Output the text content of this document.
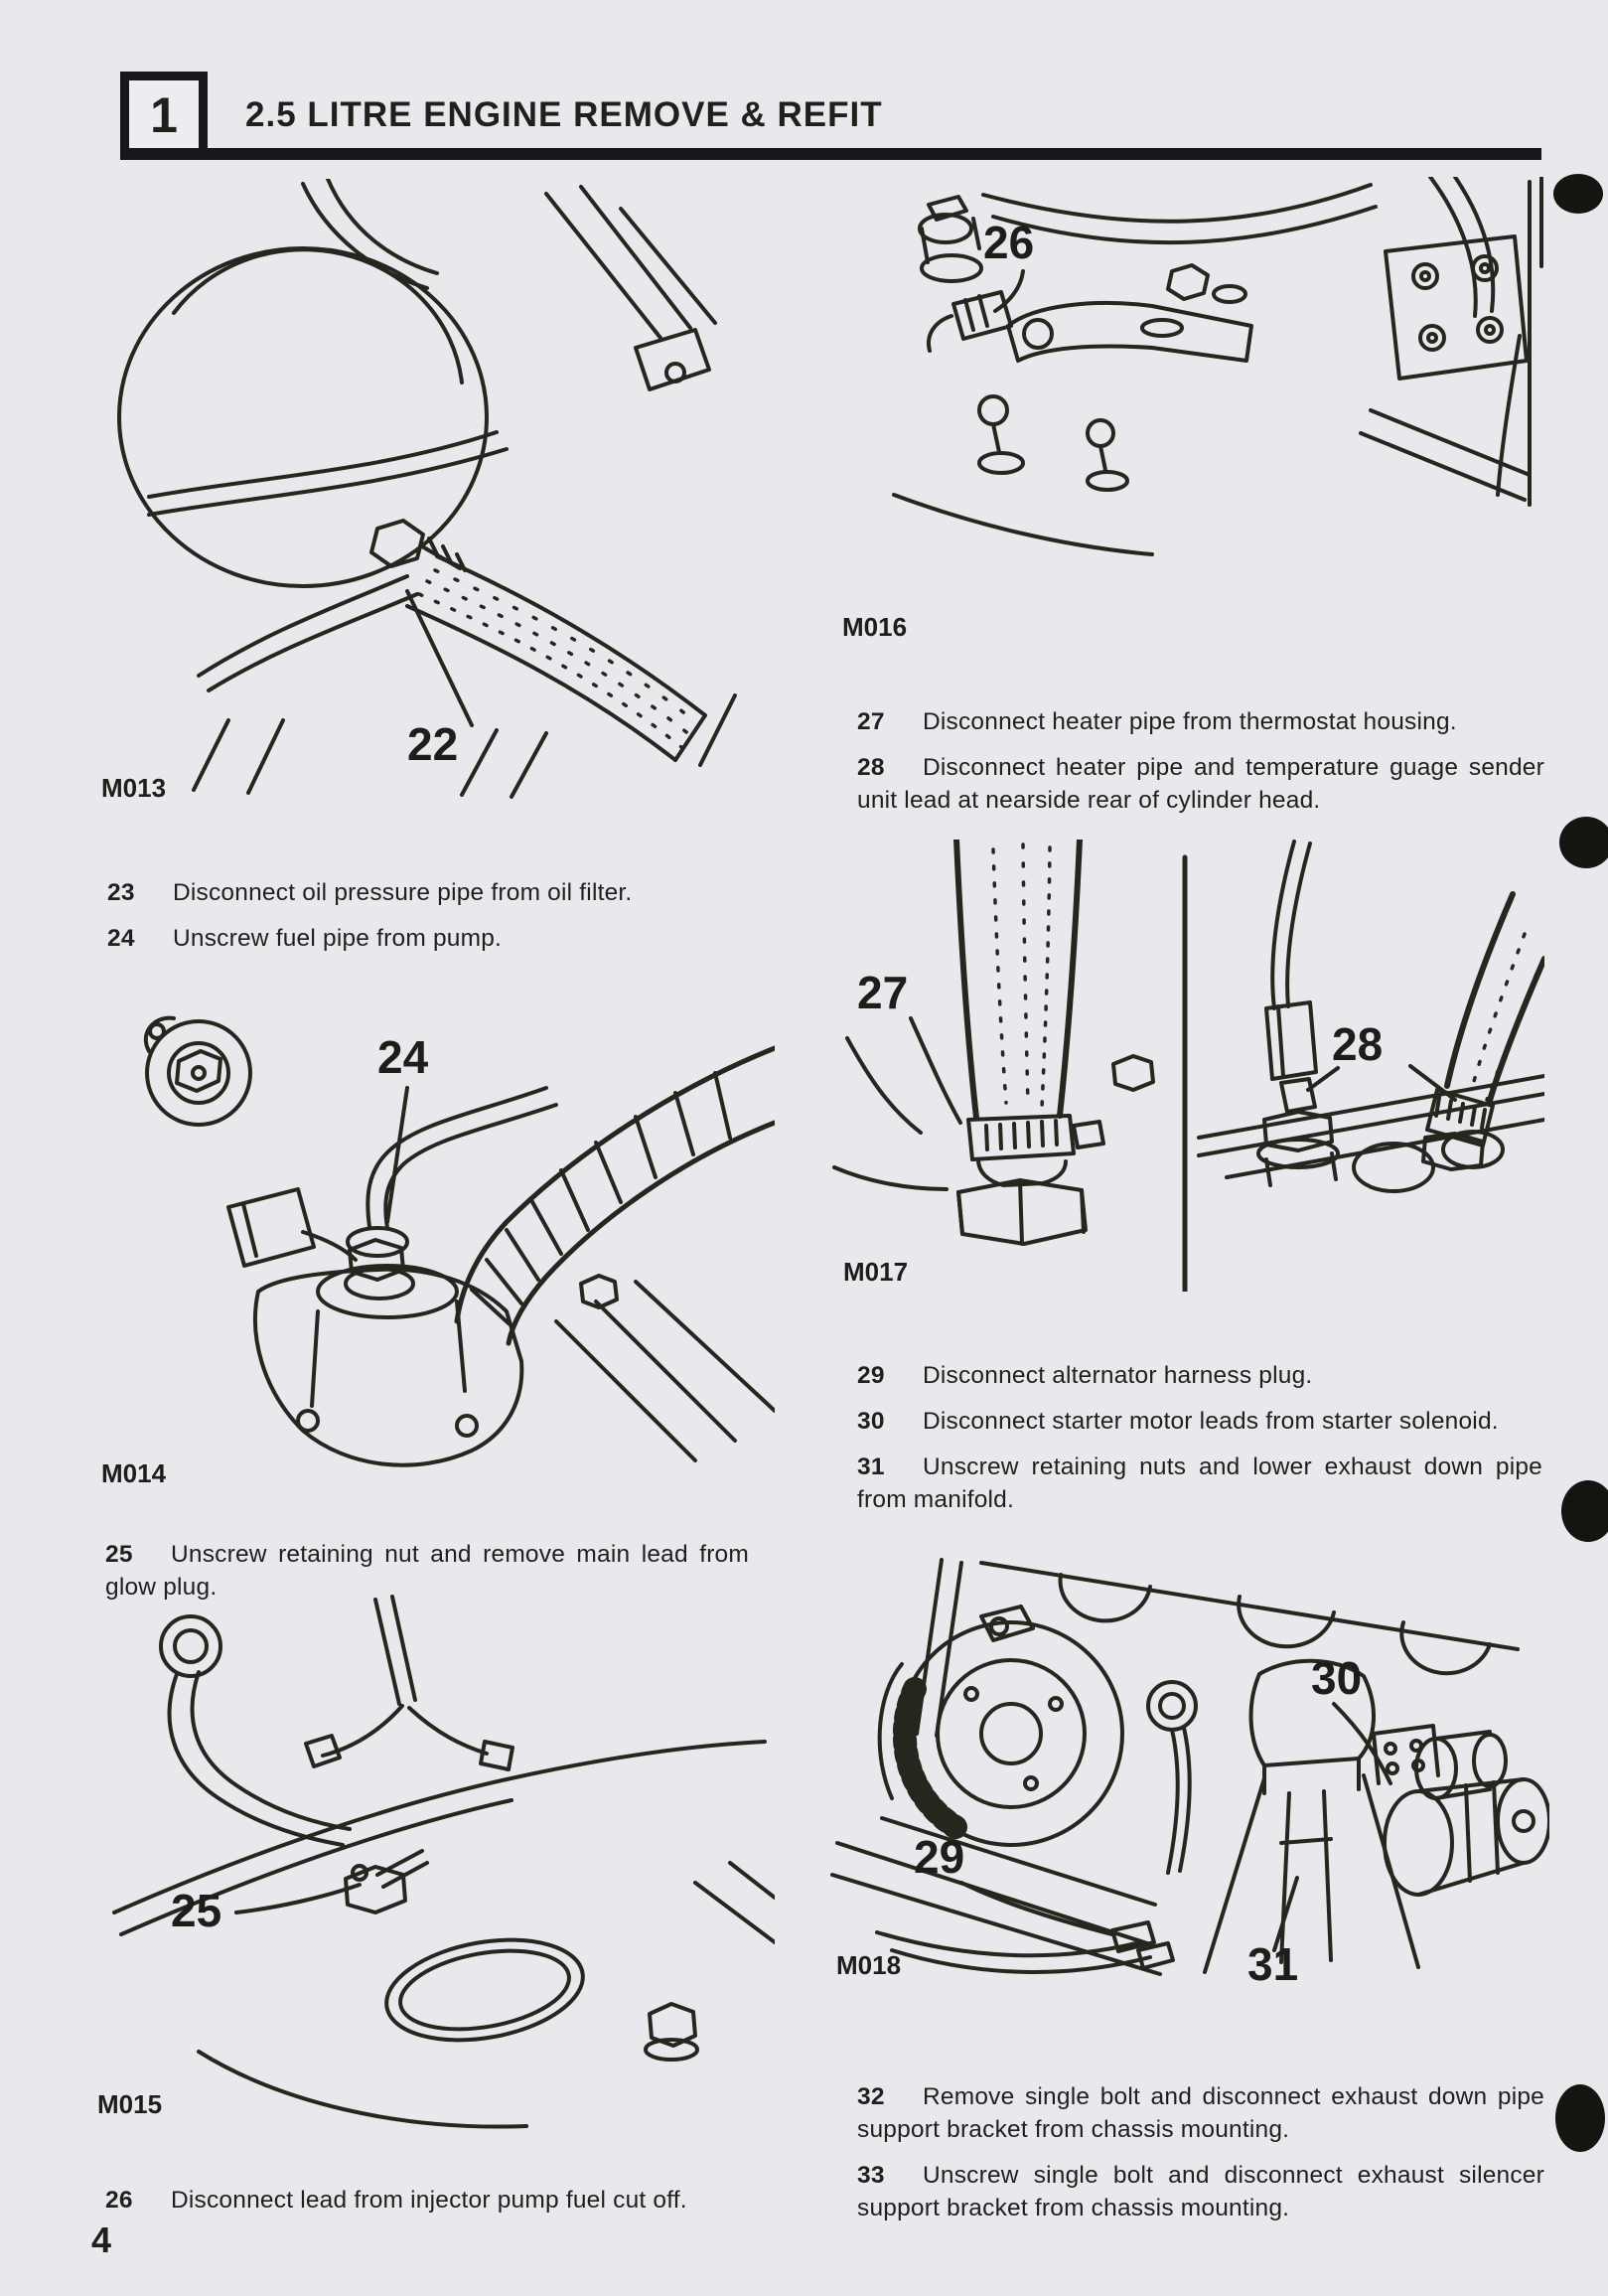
1 2.5 LITRE ENGINE REMOVE & REFIT
22
M013
26
M016
27 Disconnect heater pipe from thermostat housing.
28 Disconnect heater pipe and temperature guage sender unit lead at nearside rear of cylinder head.
23 Disconnect oil pressure pipe from oil filter.
24 Unscrew fuel pipe from pump.
27
28
M017
24
M014
29 Disconnect alternator harness plug.
30 Disconnect starter motor leads from starter solenoid.
31 Unscrew retaining nuts and lower exhaust down pipe from manifold.
25 Unscrew retaining nut and remove main lead from glow plug.
25
M015
30
29
31
M018
32 Remove single bolt and disconnect exhaust down pipe support bracket from chassis mounting.
33 Unscrew single bolt and disconnect exhaust silencer support bracket from chassis mounting.
26 Disconnect lead from injector pump fuel cut off.
4
